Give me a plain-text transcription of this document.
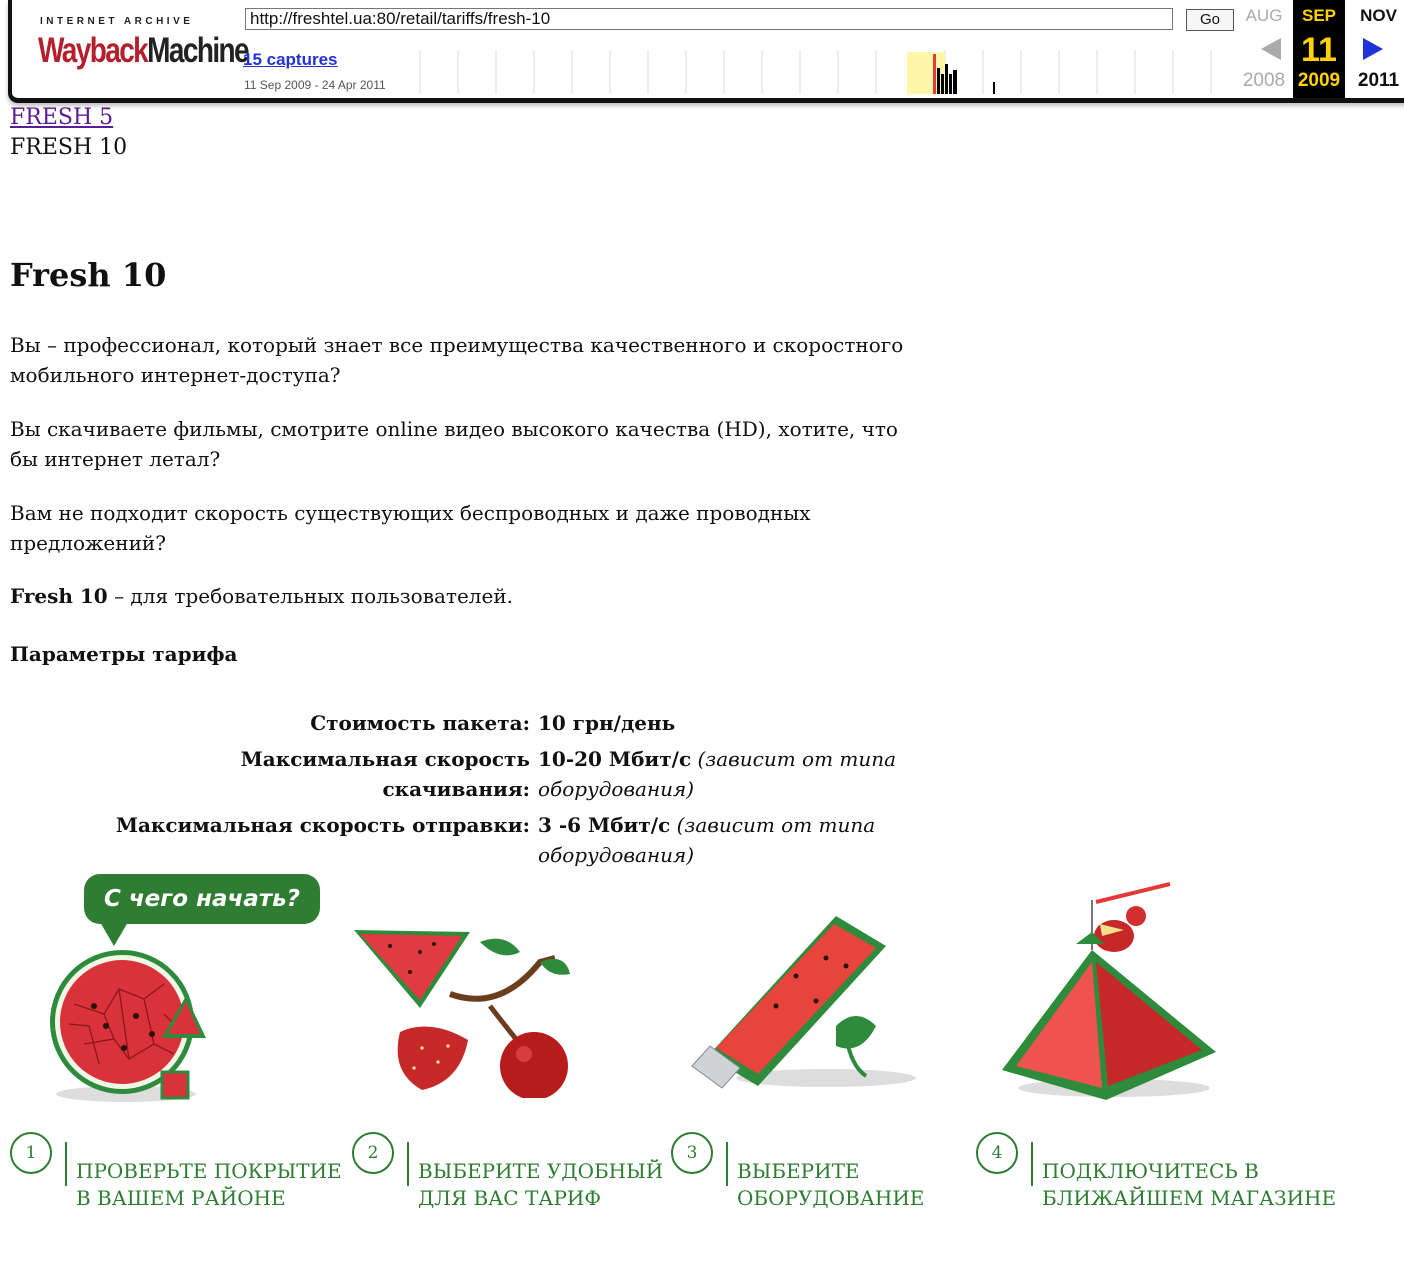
INTERNET ARCHIVE
WaybackMachine
http://freshtel.ua:80/retail/tariffs/fresh-10	Go
15 captures
11 Sep 2009 - 24 Apr 2011
AUG
2008
SEP
11
2009
NOV
2011
FRESH 5
FRESH 10
Fresh 10

Вы – профессионал, который знает все преимущества качественного и скоростного мобильного интернет-доступа?

Вы скачиваете фильмы, смотрите online видео высокого качества (HD), хотите, что бы интернет летал?

Вам не подходит скорость существующих беспроводных и даже проводных предложений?

Fresh 10 – для требовательных пользователей.

Параметры тарифа
Стоимость пакета:	10 грн/день
Максимальная скорость скачивания:	10-20 Мбит/с (зависит от типа оборудования)
Максимальная скорость отправки:	3 -6 Мбит/с (зависит от типа оборудования)
С чего начать?
1
ПРОВЕРЬТЕ ПОКРЫТИЕ
В ВАШЕМ РАЙОНЕ
2
ВЫБЕРИТЕ УДОБНЫЙ
ДЛЯ ВАС ТАРИФ
3
ВЫБЕРИТЕ
ОБОРУДОВАНИЕ
4
ПОДКЛЮЧИТЕСЬ В
БЛИЖАЙШЕМ МАГАЗИНЕ
